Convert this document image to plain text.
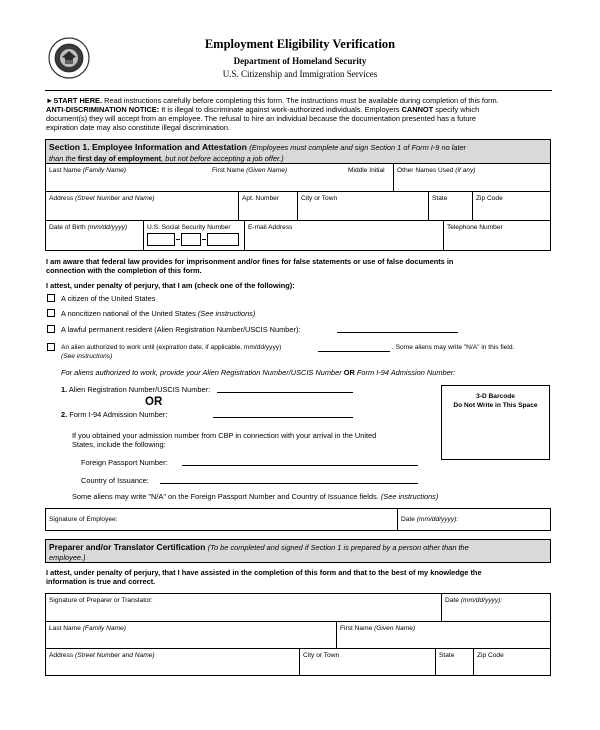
Employment Eligibility Verification
Department of Homeland Security
U.S. Citizenship and Immigration Services
►START HERE. Read instructions carefully before completing this form. The instructions must be available during completion of this form.
ANTI-DISCRIMINATION NOTICE: It is illegal to discriminate against work-authorized individuals. Employers CANNOT specify which
document(s) they will accept from an employee. The refusal to hire an individual because the documentation presented has a future
expiration date may also constitute illegal discrimination.
Section 1. Employee Information and Attestation (Employees must complete and sign Section 1 of Form I-9 no later
than the first day of employment, but not before accepting a job offer.)
Last Name (Family Name)	First Name (Given Name)	Middle Initial Other Names Used (if any)
Address (Street Number and Name)	Apt. Number	City or Town	State	Zip Code
Date of Birth (mm/dd/yyyy)	U.S. Social Security Number	E-mail Address	Telephone Number
I am aware that federal law provides for imprisonment and/or fines for false statements or use of false documents in
connection with the completion of this form.
I attest, under penalty of perjury, that I am (check one of the following):
A citizen of the United States
A noncitizen national of the United States (See instructions)
A lawful permanent resident (Alien Registration Number/USCIS Number):
An alien authorized to work until (expiration date, if applicable, mm/dd/yyyy)	. Some aliens may write "N/A" in this field.
(See instructions)
For aliens authorized to work, provide your Alien Registration Number/USCIS Number OR Form I-94 Admission Number:
1. Alien Registration Number/USCIS Number:
OR
2. Form I-94 Admission Number:
If you obtained your admission number from CBP in connection with your arrival in the United
States, include the following:
Foreign Passport Number:
Country of Issuance:
Some aliens may write "N/A" on the Foreign Passport Number and Country of Issuance fields. (See instructions)
3-D Barcode
Do Not Write in This Space
Signature of Employee:	Date (mm/dd/yyyy):
Preparer and/or Translator Certification (To be completed and signed if Section 1 is prepared by a person other than the
employee.)
I attest, under penalty of perjury, that I have assisted in the completion of this form and that to the best of my knowledge the
information is true and correct.
Signature of Preparer or Translator:	Date (mm/dd/yyyy):
Last Name (Family Name)	First Name (Given Name)
Address (Street Number and Name)	City or Town	State	Zip Code
